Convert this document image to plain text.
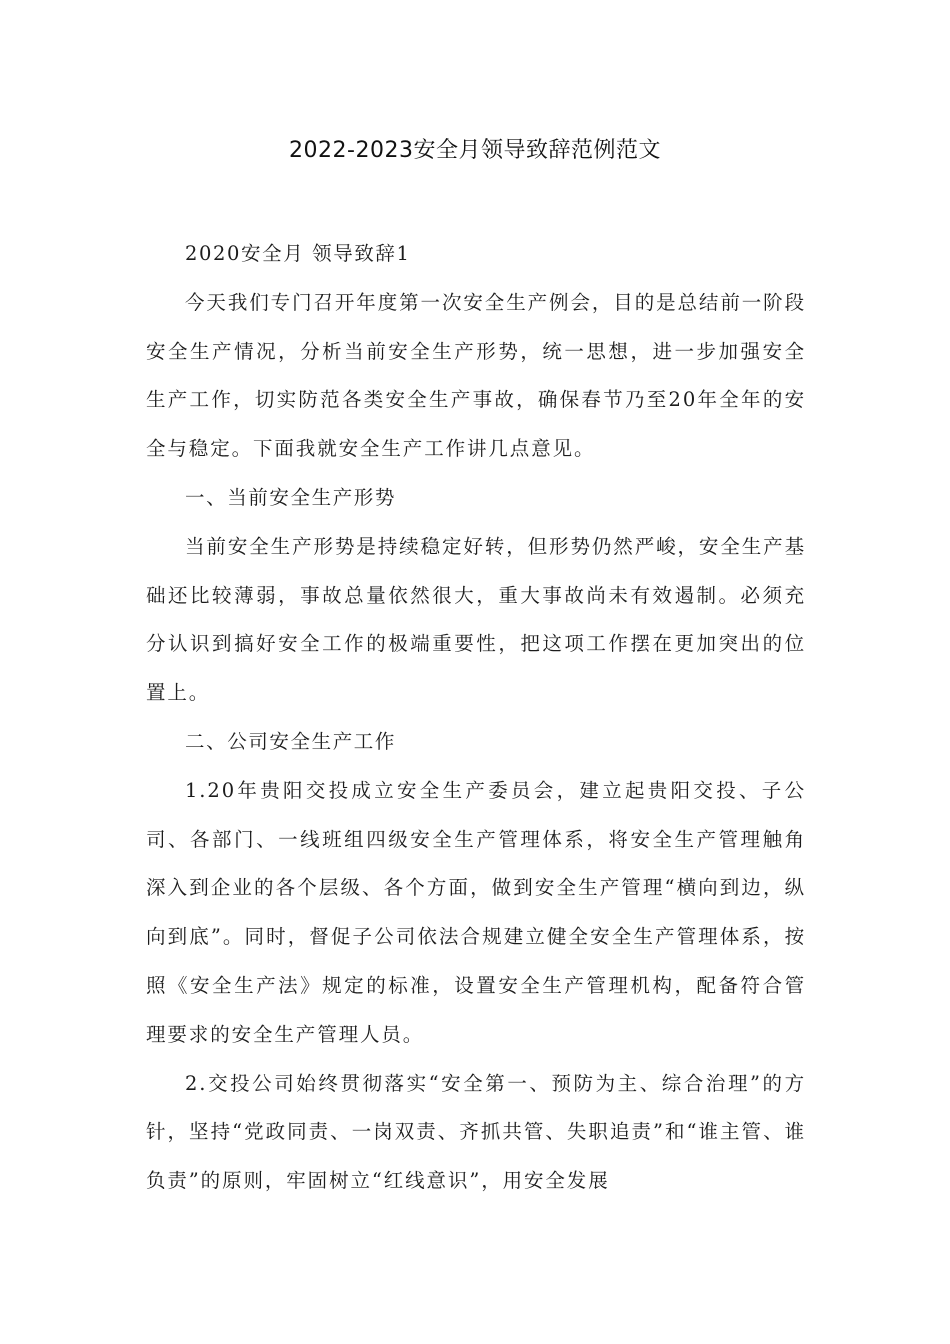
2022-2023安全月领导致辞范例范文

2020安全月 领导致辞1

今天我们专门召开年度第一次安全生产例会，目的是总结前一阶段安全生产情况，分析当前安全生产形势，统一思想，进一步加强安全生产工作，切实防范各类安全生产事故，确保春节乃至20年全年的安全与稳定。下面我就安全生产工作讲几点意见。

一、当前安全生产形势

当前安全生产形势是持续稳定好转，但形势仍然严峻，安全生产基础还比较薄弱，事故总量依然很大，重大事故尚未有效遏制。必须充分认识到搞好安全工作的极端重要性，把这项工作摆在更加突出的位置上。

二、公司安全生产工作

1.20年贵阳交投成立安全生产委员会，建立起贵阳交投、子公司、各部门、一线班组四级安全生产管理体系，将安全生产管理触角深入到企业的各个层级、各个方面，做到安全生产管理“横向到边，纵向到底”。同时，督促子公司依法合规建立健全安全生产管理体系，按照《安全生产法》规定的标准，设置安全生产管理机构，配备符合管理要求的安全生产管理人员。

2.交投公司始终贯彻落实“安全第一、预防为主、综合治理”的方针，坚持“党政同责、一岗双责、齐抓共管、失职追责”和“谁主管、谁负责”的原则，牢固树立“红线意识”，用安全发展
